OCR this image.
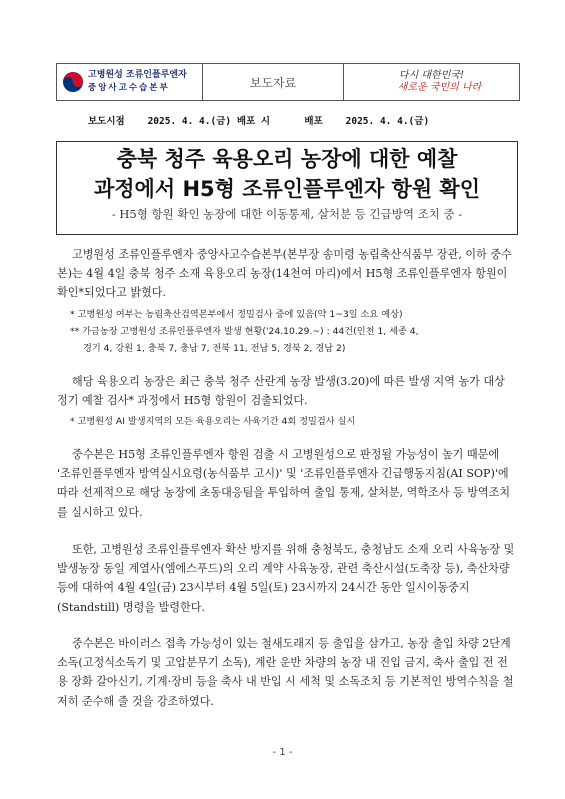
고병원성 조류인플루엔자
중앙사고수습본부	보도자료	다시 대한민국!
새로운 국민의 나라
보도시점    2025. 4. 4.(금) 배포 시      배포    2025. 4. 4.(금)
충북 청주 육용오리 농장에 대한 예찰
과정에서 H5형 조류인플루엔자 항원 확인
- H5형 항원 확인 농장에 대한 이동통제, 살처분 등 긴급방역 조치 중 -

고병원성 조류인플루엔자 중앙사고수습본부(본부장 송미령 농림축산식품부 장관, 이하 중수본)는 4월 4일 충북 청주 소재 육용오리 농장(14천여 마리)에서 H5형 조류인플루엔자 항원이 확인*되었다고 밝혔다.

* 고병원성 여부는 농림축산검역본부에서 정밀검사 중에 있음(약 1~3일 소요 예상)

** 가금농장 고병원성 조류인플루엔자 발생 현황('24.10.29.~) : 44건(인천 1, 세종 4,

경기 4, 강원 1, 충북 7, 충남 7, 전북 11, 전남 5, 경북 2, 경남 2)

해당 육용오리 농장은 최근 충북 청주 산란계 농장 발생(3.20)에 따른 발생 지역 농가 대상 정기 예찰 검사* 과정에서 H5형 항원이 검출되었다.

* 고병원성 AI 발생지역의 모든 육용오리는 사육기간 4회 정밀검사 실시

중수본은 H5형 조류인플루엔자 항원 검출 시 고병원성으로 판정될 가능성이 높기 때문에 '조류인플루엔자 방역실시요령(농식품부 고시)' 및 '조류인플루엔자 긴급행동지침(AI SOP)'에 따라 선제적으로 해당 농장에 초동대응팀을 투입하여 출입 통제, 살처분, 역학조사 등 방역조치를 실시하고 있다.

또한, 고병원성 조류인플루엔자 확산 방지를 위해 충청북도, 충청남도 소재 오리 사육농장 및 발생농장 동일 계열사(엠에스푸드)의 오리 계약 사육농장, 관련 축산시설(도축장 등), 축산차량 등에 대하여 4월 4일(금) 23시부터 4월 5일(토) 23시까지 24시간 동안 일시이동중지(Standstill) 명령을 발령한다.

중수본은 바이러스 접촉 가능성이 있는 철새도래지 등 출입을 삼가고, 농장 출입 차량 2단계 소독(고정식소독기 및 고압분무기 소독), 계란 운반 차량의 농장 내 진입 금지, 축사 출입 전 전용 장화 갈아신기, 기계·장비 등을 축사 내 반입 시 세척 및 소독조치 등 기본적인 방역수칙을 철저히 준수해 줄 것을 강조하였다.

- 1 -
